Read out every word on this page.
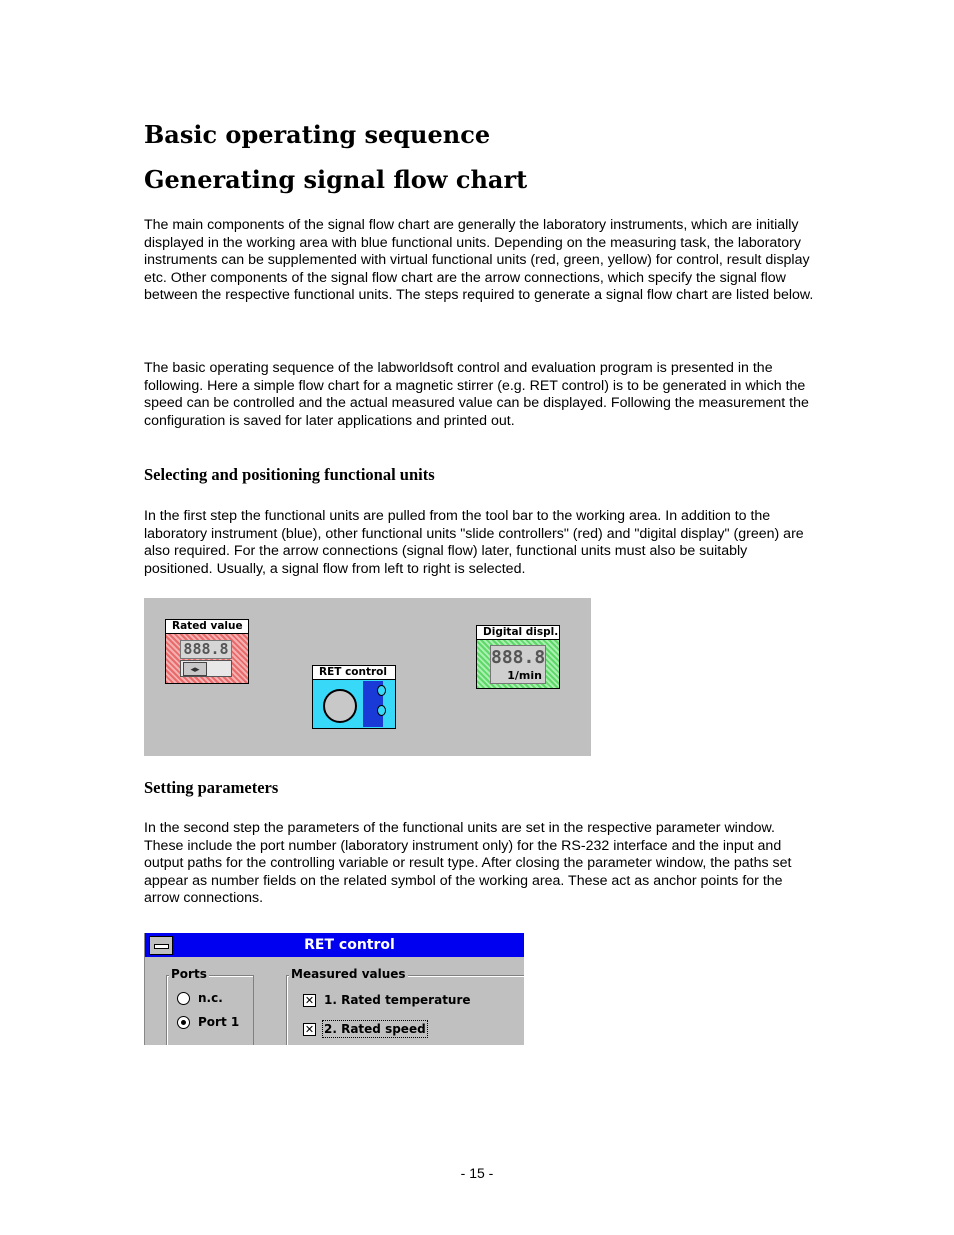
Basic operating sequence
Generating signal flow chart

The main components of the signal flow chart are generally the laboratory instruments, which are initially displayed in the working area with blue functional units. Depending on the measuring task, the laboratory instruments can be supplemented with virtual functional units (red, green, yellow) for control, result display etc. Other components of the signal flow chart are the arrow connections, which specify the signal flow between the respective functional units. The steps required to generate a signal flow chart are listed below.

The basic operating sequence of the labworldsoft control and evaluation program is presented in the following. Here a simple flow chart for a magnetic stirrer (e.g. RET control) is to be generated in which the speed can be controlled and the actual measured value can be displayed. Following the measurement the configuration is saved for later applications and printed out.

Selecting and positioning functional units

In the first step the functional units are pulled from the tool bar to the working area. In addition to the laboratory instrument (blue), other functional units "slide controllers" (red) and "digital display" (green) are also required. For the arrow connections (signal flow) later, functional units must also be suitably positioned. Usually, a signal flow from left to right is selected.

Rated value
888.8
◂▸	RET control
Digital displ.
888.8
1/min
Setting parameters

In the second step the parameters of the functional units are set in the respective parameter window. These include the port number (laboratory instrument only) for the RS-232 interface and the input and output paths for the controlling variable or result type. After closing the parameter window, the paths set appear as number fields on the related symbol of the working area. These act as anchor points for the arrow connections.

RET control
Ports
n.c.
Port 1
Measured values
✕ 1. Rated temperature
✕ 2. Rated speed
- 15 -
